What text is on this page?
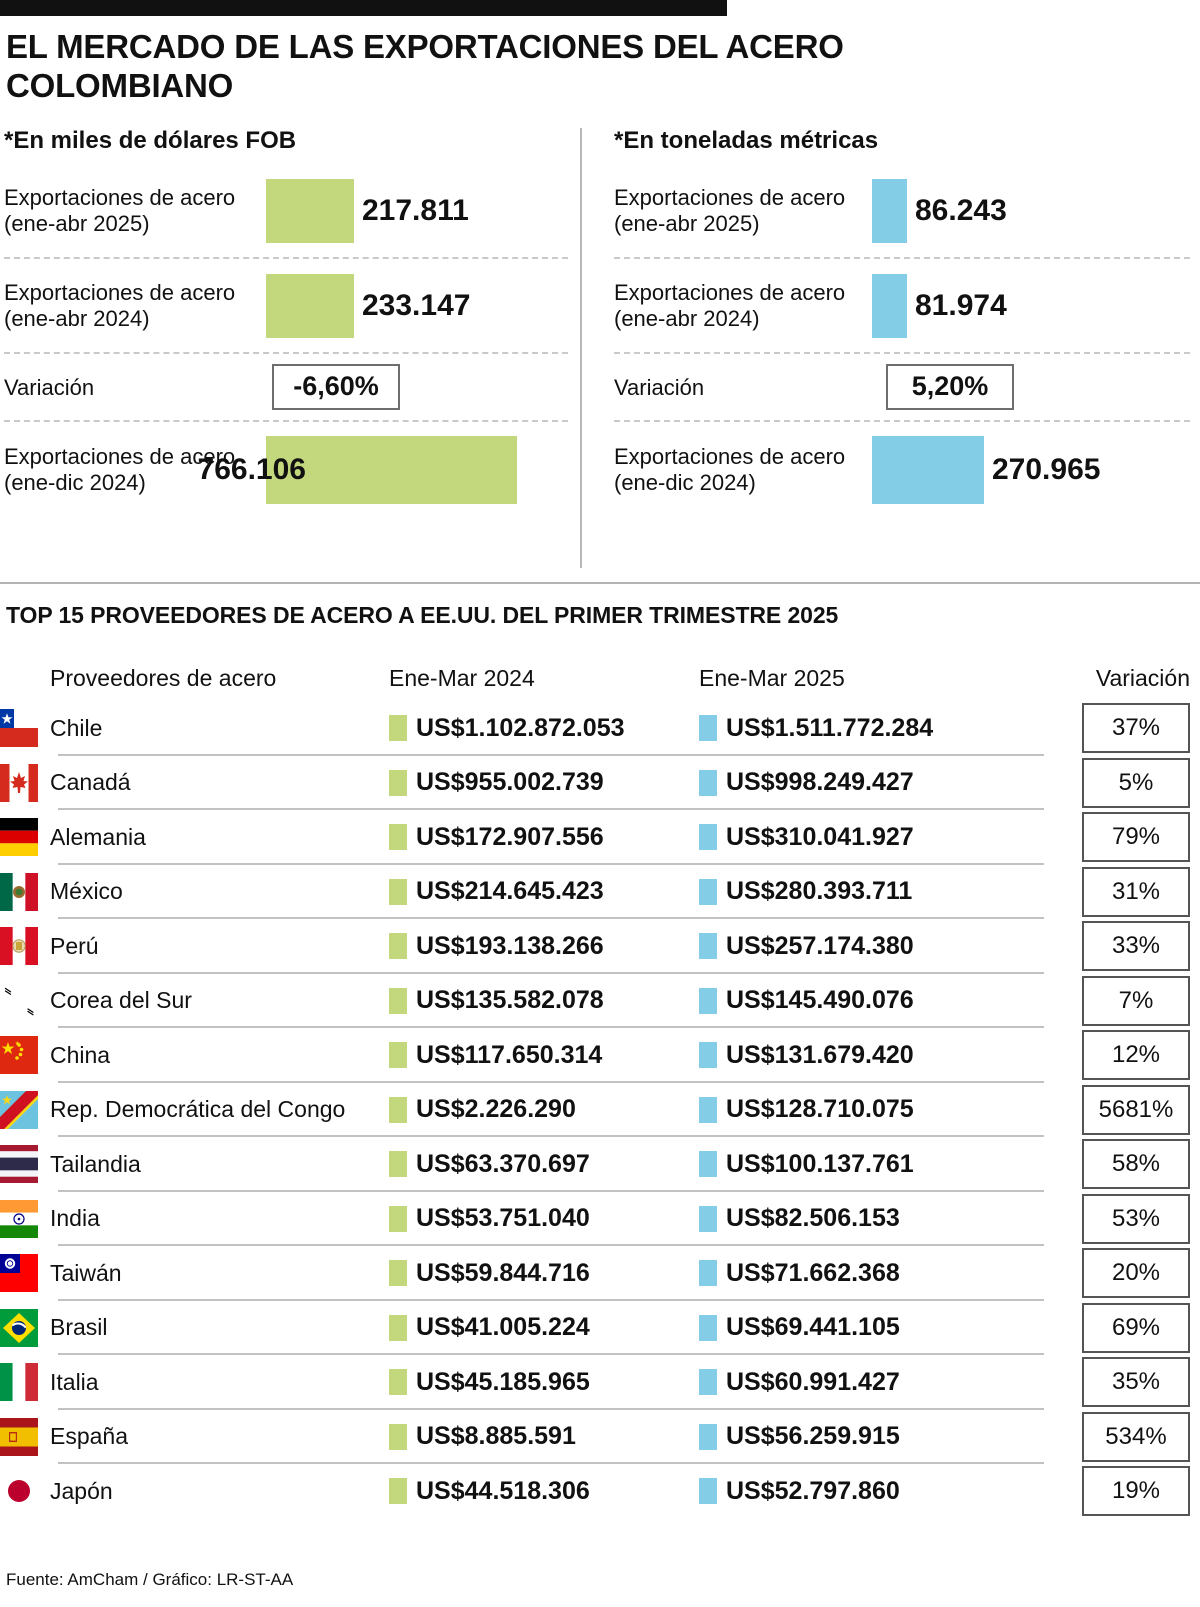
EL MERCADO DE LAS EXPORTACIONES DEL ACERO COLOMBIANO
*En miles de dólares FOB
Exportaciones de acero
(ene-abr 2025)	217.811
Exportaciones de acero
(ene-abr 2024)	233.147
Variación	-6,60%
Exportaciones de acero
(ene-dic 2024)	766.106
*En toneladas métricas
Exportaciones de acero
(ene-abr 2025)	86.243
Exportaciones de acero
(ene-abr 2024)	81.974
Variación	5,20%
Exportaciones de acero
(ene-dic 2024)	270.965
TOP 15 PROVEEDORES DE ACERO A EE.UU. DEL PRIMER TRIMESTRE 2025
Proveedores de acero	Ene-Mar 2024	Ene-Mar 2025	Variación
Chile	US$1.102.872.053	US$1.511.772.284	37%
Canadá	US$955.002.739	US$998.249.427	5%
Alemania	US$172.907.556	US$310.041.927	79%
México	US$214.645.423	US$280.393.711	31%
Perú	US$193.138.266	US$257.174.380	33%
Corea del Sur	US$135.582.078	US$145.490.076	7%
China	US$117.650.314	US$131.679.420	12%
Rep. Democrática del Congo	US$2.226.290	US$128.710.075	5681%
Tailandia	US$63.370.697	US$100.137.761	58%
India	US$53.751.040	US$82.506.153	53%
Taiwán	US$59.844.716	US$71.662.368	20%
Brasil	US$41.005.224	US$69.441.105	69%
Italia	US$45.185.965	US$60.991.427	35%
España	US$8.885.591	US$56.259.915	534%
Japón	US$44.518.306	US$52.797.860	19%
Fuente: AmCham / Gráfico: LR-ST-AA
